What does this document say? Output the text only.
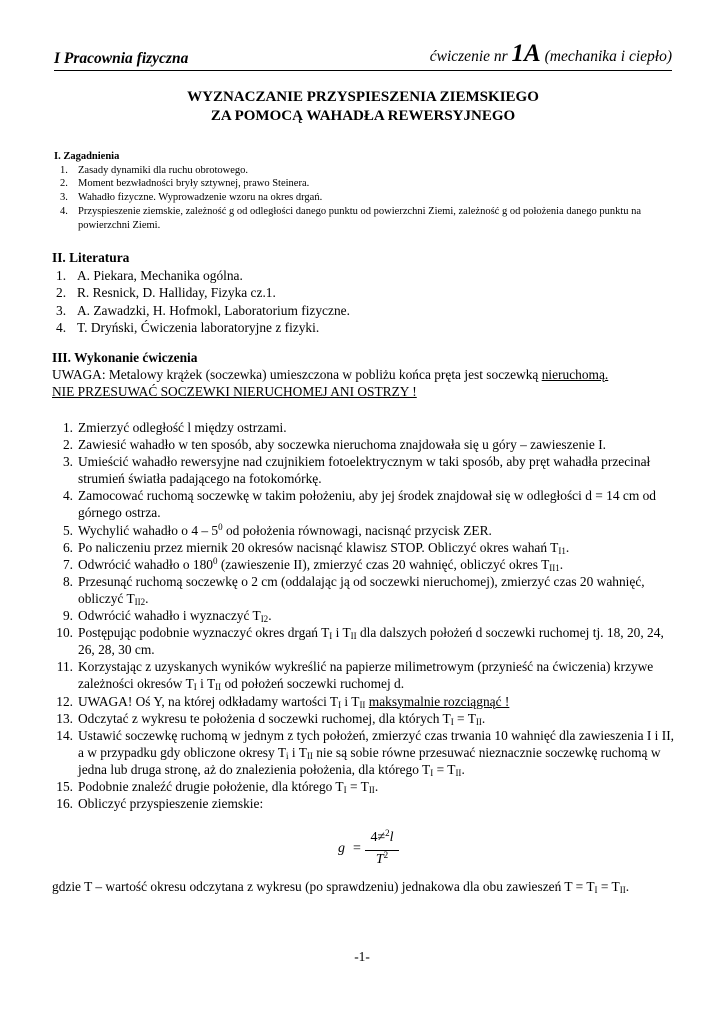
I Pracownia fizyczna	ćwiczenie nr 1A (mechanika i ciepło)
WYZNACZANIE PRZYSPIESZENIA ZIEMSKIEGO
ZA POMOCĄ WAHADŁA REWERSYJNEGO
I. Zagadnienia
1. Zasady dynamiki dla ruchu obrotowego.
2. Moment bezwładności bryły sztywnej, prawo Steinera.
3. Wahadło fizyczne. Wyprowadzenie wzoru na okres drgań.
4. Przyspieszenie ziemskie, zależność g od odległości danego punktu od powierzchni Ziemi, zależność g od położenia danego punktu na powierzchni Ziemi.
II. Literatura
1. A. Piekara, Mechanika ogólna.
2. R. Resnick, D. Halliday, Fizyka cz.1.
3. A. Zawadzki, H. Hofmokl, Laboratorium fizyczne.
4. T. Dryński, Ćwiczenia laboratoryjne z fizyki.
III. Wykonanie ćwiczenia
UWAGA: Metalowy krążek (soczewka) umieszczona w pobliżu końca pręta jest soczewką nieruchomą.
NIE PRZESUWAĆ SOCZEWKI NIERUCHOMEJ ANI OSTRZY !
1. Zmierzyć odległość l między ostrzami.
2. Zawiesić wahadło w ten sposób, aby soczewka nieruchoma znajdowała się u góry – zawieszenie I.
3. Umieścić wahadło rewersyjne nad czujnikiem fotoelektrycznym w taki sposób, aby pręt wahadła przecinał strumień światła padającego na fotokomórkę.
4. Zamocować ruchomą soczewkę w takim położeniu, aby jej środek znajdował się w odległości d = 14 cm od górnego ostrza.
5. Wychylić wahadło o $4 - 5^0$ od położenia równowagi, nacisnąć przycisk ZER.
6. Po naliczeniu przez miernik 20 okresów nacisnąć klawisz STOP. Obliczyć okres wahań $T_{I1}$.
7. Odwrócić wahadło o $180^0$ (zawieszenie II), zmierzyć czas 20 wahnięć, obliczyć okres $T_{II1}$.
8. Przesunąć ruchomą soczewkę o 2 cm (oddalając ją od soczewki nieruchomej), zmierzyć czas 20 wahnięć, obliczyć $T_{II2}$.
9. Odwrócić wahadło i wyznaczyć $T_{I2}$.
10. Postępując podobnie wyznaczyć okres drgań $T_I$ i $T_{II}$ dla dalszych położeń d soczewki ruchomej tj. 18, 20, 24, 26, 28, 30 cm.
11. Korzystając z uzyskanych wyników wykreślić na papierze milimetrowym (przynieść na ćwiczenia) krzywe zależności okresów $T_I$ i $T_{II}$ od położeń soczewki ruchomej d.
12. UWAGA! Oś Y, na której odkładamy wartości $T_I$ i $T_{II}$ maksymalnie rozciągnąć !
13. Odczytać z wykresu te położenia d soczewki ruchomej, dla których $T_I = T_{II}$.
14. Ustawić soczewkę ruchomą w jednym z tych położeń, zmierzyć czas trwania 10 wahnięć dla zawieszenia I i II, a w przypadku gdy obliczone okresy $T_i$ i $T_{II}$ nie są sobie równe przesuwać nieznacznie soczewkę ruchomą w jedna lub druga stronę, aż do znalezienia położenia, dla którego $T_I = T_{II}$.
15. Podobnie znaleźć drugie położenie, dla którego $T_I = T_{II}$.
16. Obliczyć przyspieszenie ziemskie:
g =
4≠$^2$l
$T^2$
gdzie T – wartość okresu odczytana z wykresu (po sprawdzeniu) jednakowa dla obu zawieszeń $T = T_I = T_{II}$.
-1-
